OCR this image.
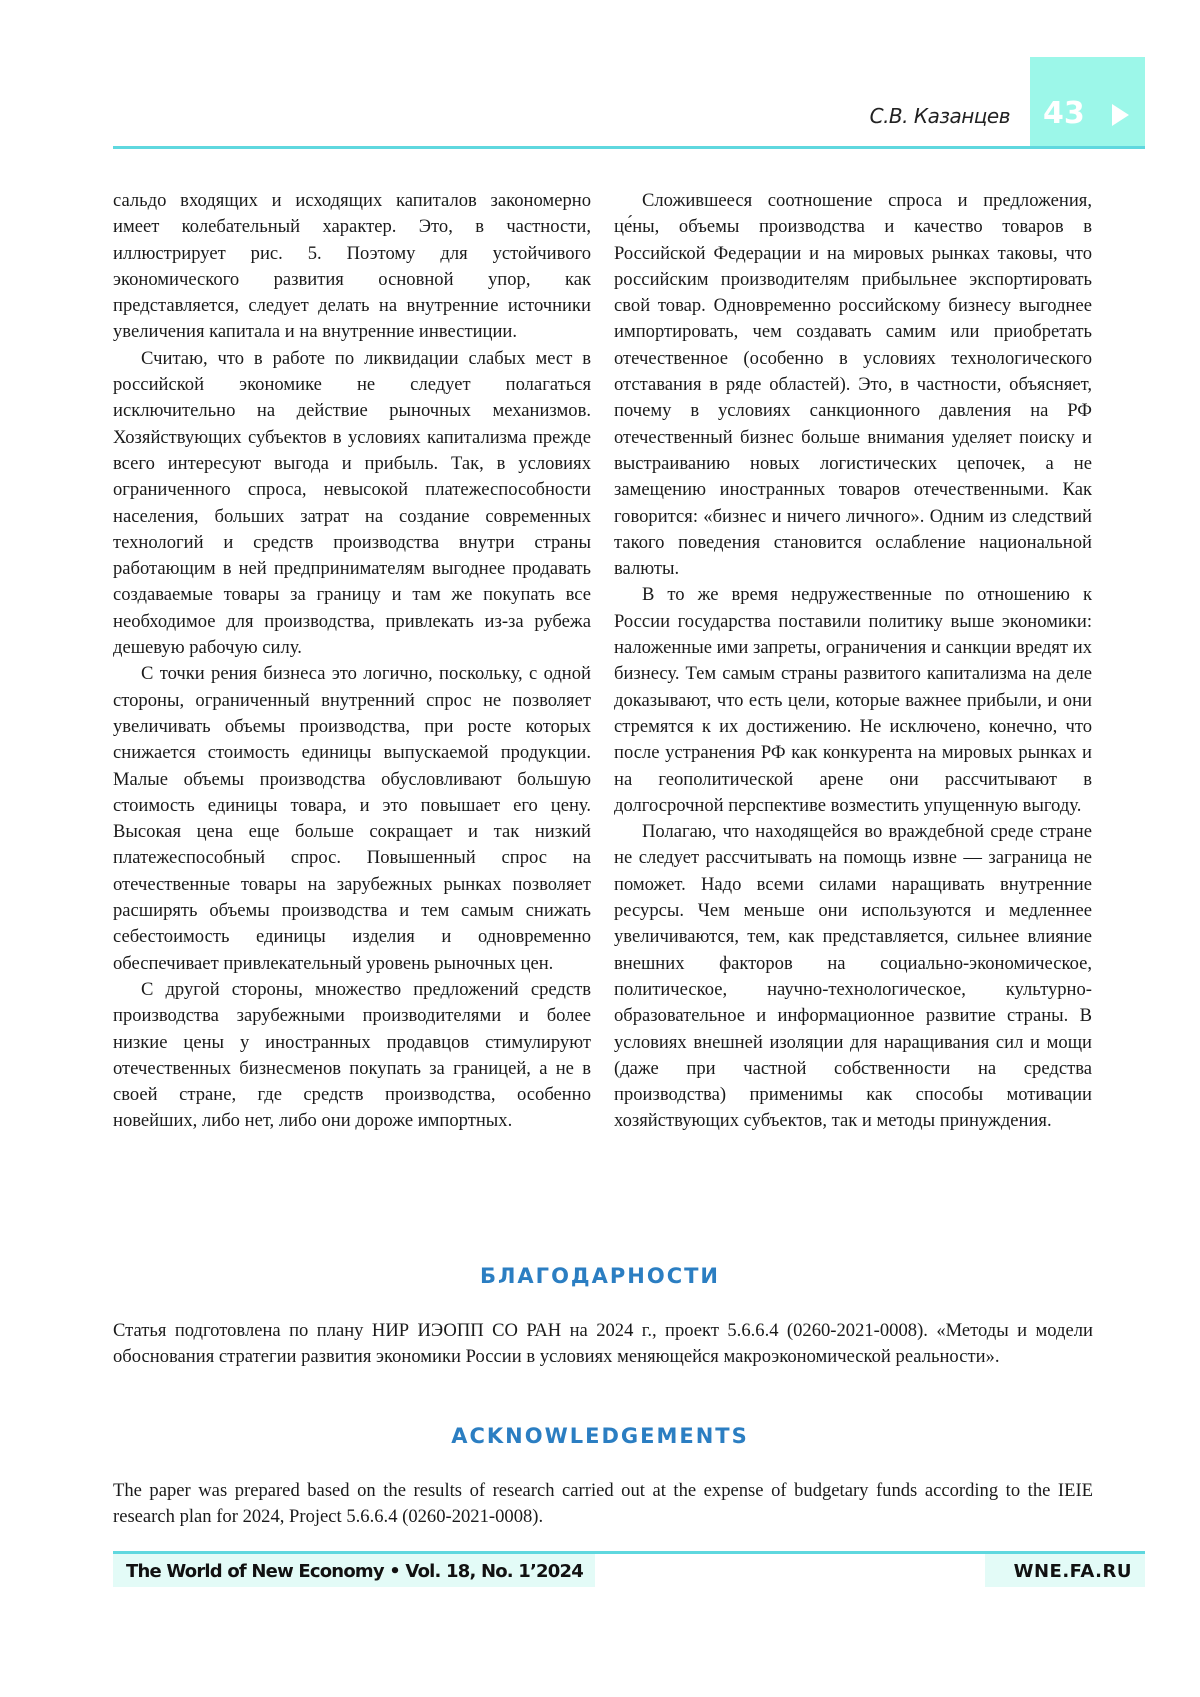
43
С.В. Казанцев

сальдо входящих и исходящих капиталов закономерно имеет колебательный характер. Это, в частности, иллюстрирует рис. 5. Поэтому для устойчивого экономического развития основной упор, как представляется, следует делать на внутренние источники увеличения капитала и на внутренние инвестиции.

Считаю, что в работе по ликвидации слабых мест в российской экономике не следует полагаться исключительно на действие рыночных механизмов. Хозяйствующих субъектов в условиях капитализма прежде всего интересуют выгода и прибыль. Так, в условиях ограниченного спроса, невысокой платежеспособности населения, больших затрат на создание современных технологий и средств производства внутри страны работающим в ней предпринимателям выгоднее продавать создаваемые товары за границу и там же покупать все необходимое для производства, привлекать из-за рубежа дешевую рабочую силу.

С точки рения бизнеса это логично, поскольку, с одной стороны, ограниченный внутренний спрос не позволяет увеличивать объемы производства, при росте которых снижается стоимость единицы выпускаемой продукции. Малые объемы производства обусловливают большую стоимость единицы товара, и это повышает его цену. Высокая цена еще больше сокращает и так низкий платежеспособный спрос. Повышенный спрос на отечественные товары на зарубежных рынках позволяет расширять объемы производства и тем самым снижать себестоимость единицы изделия и одновременно обеспечивает привлекательный уровень рыночных цен.

С другой стороны, множество предложений средств производства зарубежными производителями и более низкие цены у иностранных продавцов стимулируют отечественных бизнесменов покупать за границей, а не в своей стране, где средств производства, особенно новейших, либо нет, либо они дороже импортных.

Сложившееся соотношение спроса и предложения, це́ны, объемы производства и качество товаров в Российской Федерации и на мировых рынках таковы, что российским производителям прибыльнее экспортировать свой товар. Одновременно российскому бизнесу выгоднее импортировать, чем создавать самим или приобретать отечественное (особенно в условиях технологического отставания в ряде областей). Это, в частности, объясняет, почему в условиях санкционного давления на РФ отечественный бизнес больше внимания уделяет поиску и выстраиванию новых логистических цепочек, а не замещению иностранных товаров отечественными. Как говорится: «бизнес и ничего личного». Одним из следствий такого поведения становится ослабление национальной валюты.

В то же время недружественные по отношению к России государства поставили политику выше экономики: наложенные ими запреты, ограничения и санкции вредят их бизнесу. Тем самым страны развитого капитализма на деле доказывают, что есть цели, которые важнее прибыли, и они стремятся к их достижению. Не исключено, конечно, что после устранения РФ как конкурента на мировых рынках и на геополитической арене они рассчитывают в долгосрочной перспективе возместить упущенную выгоду.

Полагаю, что находящейся во враждебной среде стране не следует рассчитывать на помощь извне — заграница не поможет. Надо всеми силами наращивать внутренние ресурсы. Чем меньше они используются и медленнее увеличиваются, тем, как представляется, сильнее влияние внешних факторов на социально-экономическое, политическое, научно-технологическое, культурно-образовательное и информационное развитие страны. В условиях внешней изоляции для наращивания сил и мощи (даже при частной собственности на средства производства) применимы как способы мотивации хозяйствующих субъектов, так и методы принуждения.

БЛАГОДАРНОСТИ
Статья подготовлена по плану НИР ИЭОПП СО РАН на 2024 г., проект 5.6.6.4 (0260-2021-0008). «Методы и модели обоснования стратегии развития экономики России в условиях меняющейся макроэкономической реальности».
ACKNOWLEDGEMENTS
The paper was prepared based on the results of research carried out at the expense of budgetary funds according to the IEIE research plan for 2024, Project 5.6.6.4 (0260-2021-0008).
The World of New Economy • Vol. 18, No. 1’2024	WNE.FA.RU
